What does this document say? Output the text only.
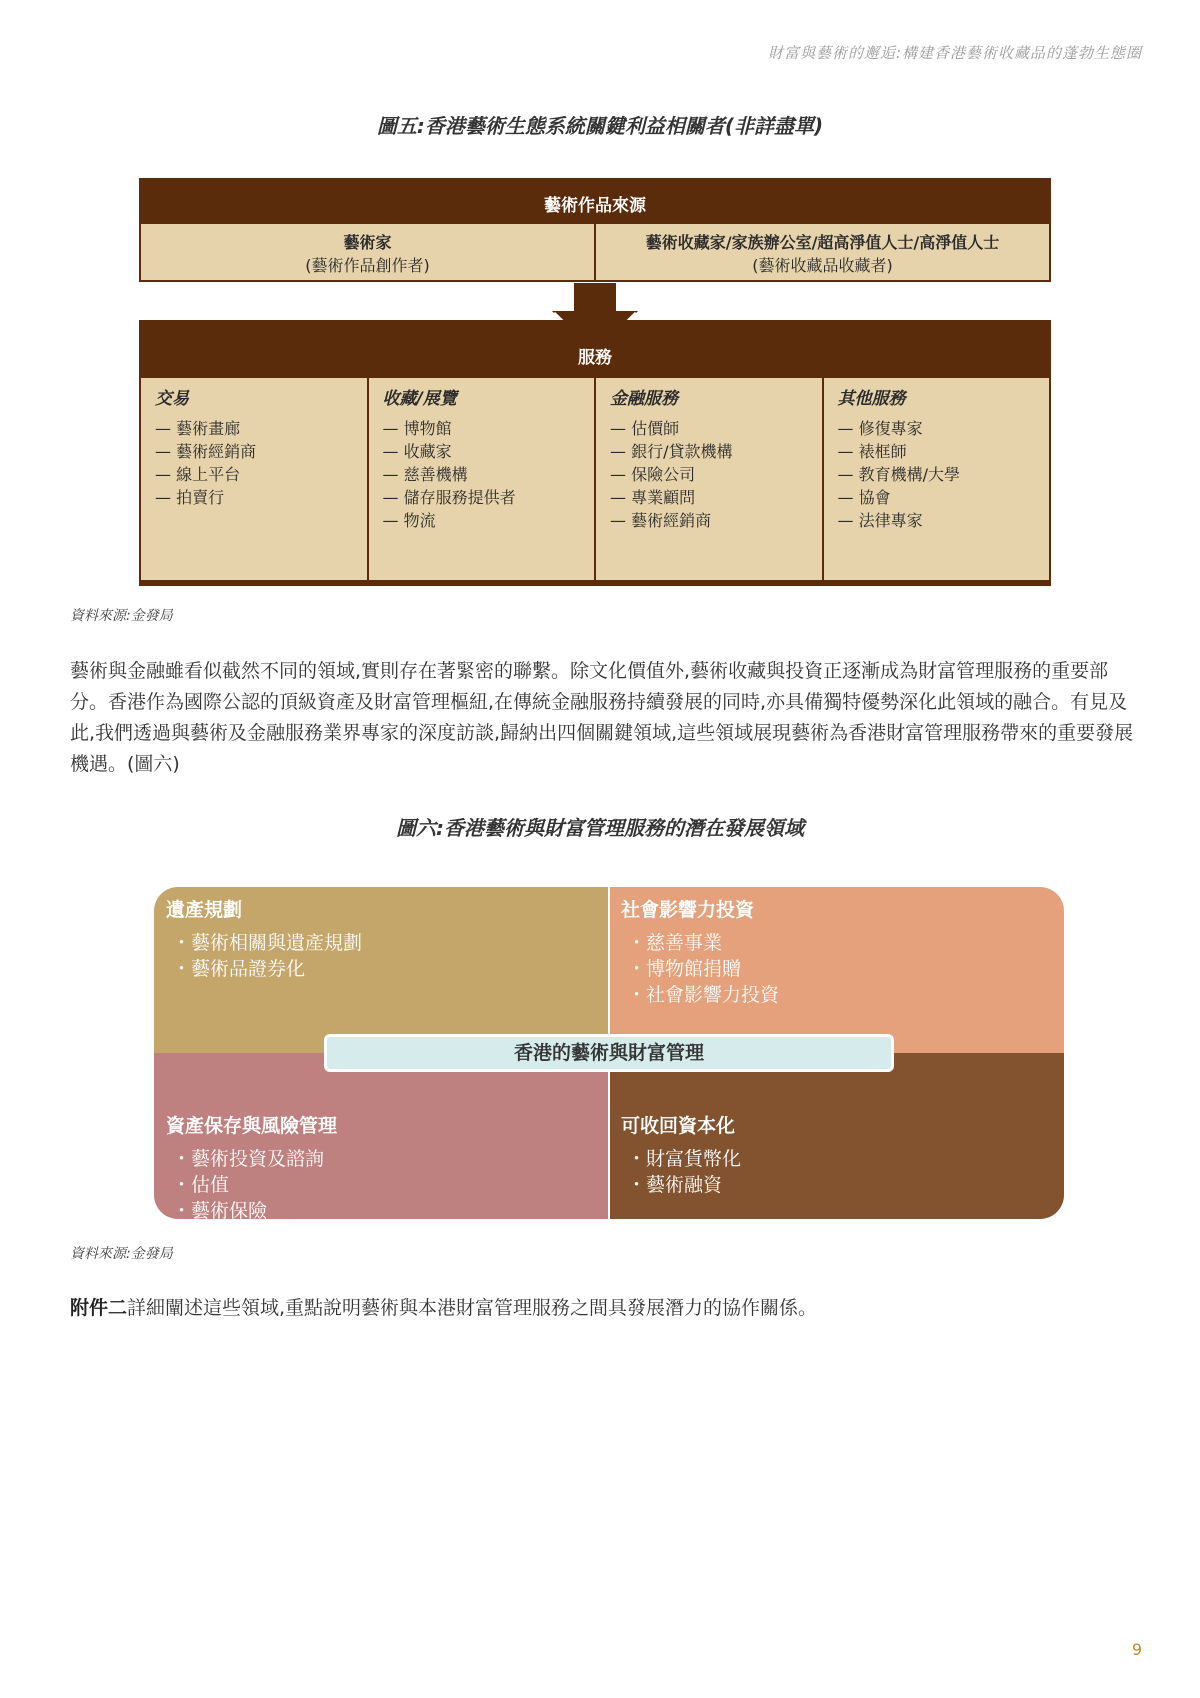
財富與藝術的邂逅:構建香港藝術收藏品的蓬勃生態圈
圖五:香港藝術生態系統關鍵利益相關者(非詳盡單)
藝術作品來源
藝術家
(藝術作品創作者)
藝術收藏家/家族辦公室/超高淨值人士/高淨值人士
(藝術收藏品收藏者)
服務
交易
— 藝術畫廊
— 藝術經銷商
— 線上平台
— 拍賣行
收藏/展覽
— 博物館
— 收藏家
— 慈善機構
— 儲存服務提供者
— 物流
金融服務
— 估價師
— 銀行/貸款機構
— 保險公司
— 專業顧問
— 藝術經銷商
其他服務
— 修復專家
— 裱框師
— 教育機構/大學
— 協會
— 法律專家
資料來源:金發局
藝術與金融雖看似截然不同的領域,實則存在著緊密的聯繫。除文化價值外,藝術收藏與投資正逐漸成為財富管理服務的重要部分。香港作為國際公認的頂級資產及財富管理樞紐,在傳統金融服務持續發展的同時,亦具備獨特優勢深化此領域的融合。有見及此,我們透過與藝術及金融服務業界專家的深度訪談,歸納出四個關鍵領域,這些領域展現藝術為香港財富管理服務帶來的重要發展機遇。(圖六)
圖六:香港藝術與財富管理服務的潛在發展領域
遺產規劃
・ 藝術相關與遺產規劃
・ 藝術品證券化
社會影響力投資
・ 慈善事業
・ 博物館捐贈
・ 社會影響力投資
資產保存與風險管理
・ 藝術投資及諮詢
・ 估值
・ 藝術保險
可收回資本化
・ 財富貨幣化
・ 藝術融資
香港的藝術與財富管理
資料來源:金發局
附件二詳細闡述這些領域,重點說明藝術與本港財富管理服務之間具發展潛力的協作關係。
9
